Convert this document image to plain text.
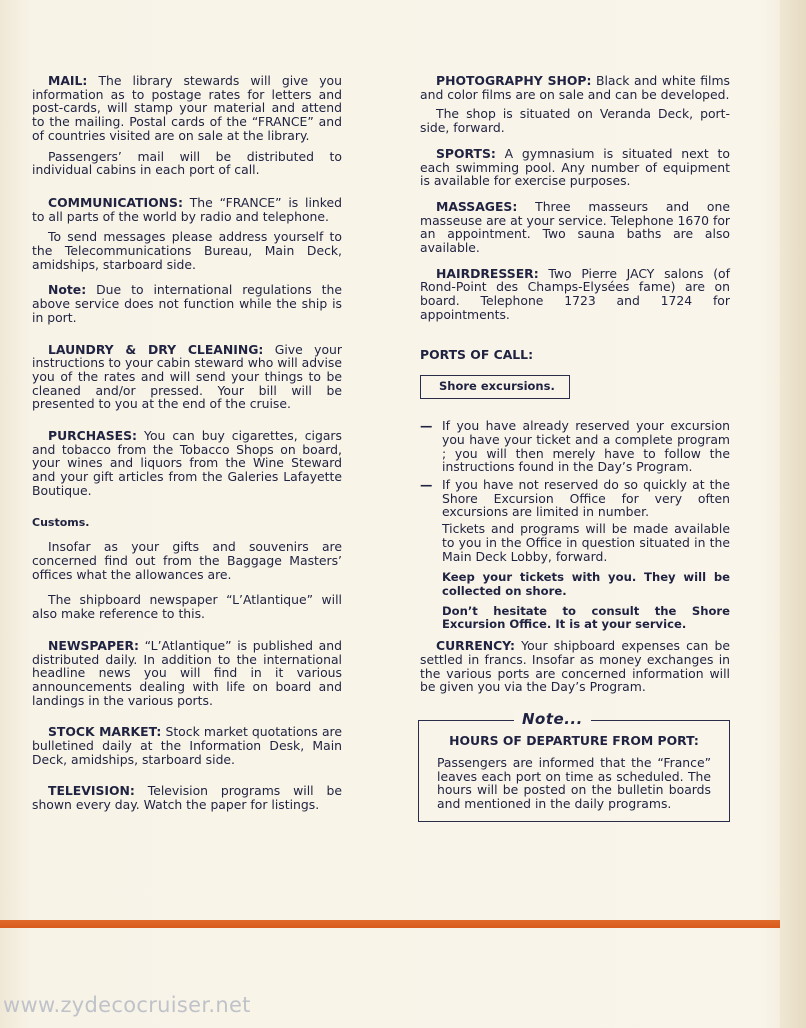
MAIL: The library stewards will give you information as to postage rates for letters and post-cards, will stamp your material and attend to the mailing. Postal cards of the “FRANCE” and of countries visited are on sale at the library.

Passengers’ mail will be distributed to individual cabins in each port of call.

COMMUNICATIONS: The “FRANCE” is linked to all parts of the world by radio and telephone.

To send messages please address yourself to the Telecommunications Bureau, Main Deck, amidships, starboard side.

Note: Due to international regulations the above service does not function while the ship is in port.

LAUNDRY & DRY CLEANING: Give your instructions to your cabin steward who will advise you of the rates and will send your things to be cleaned and/or pressed. Your bill will be presented to you at the end of the cruise.

PURCHASES: You can buy cigarettes, cigars and tobacco from the Tobacco Shops on board, your wines and liquors from the Wine Steward and your gift articles from the Galeries Lafayette Boutique.

Customs.

Insofar as your gifts and souvenirs are concerned find out from the Baggage Masters’ offices what the allowances are.

The shipboard newspaper “L’Atlantique” will also make reference to this.

NEWSPAPER: “L’Atlantique” is published and distributed daily. In addition to the international headline news you will find in it various announcements dealing with life on board and landings in the various ports.

STOCK MARKET: Stock market quotations are bulletined daily at the Information Desk, Main Deck, amidships, starboard side.

TELEVISION: Television programs will be shown every day. Watch the paper for listings.

PHOTOGRAPHY SHOP: Black and white films and color films are on sale and can be developed.

The shop is situated on Veranda Deck, port-side, forward.

SPORTS: A gymnasium is situated next to each swimming pool. Any number of equipment is available for exercise purposes.

MASSAGES: Three masseurs and one masseuse are at your service. Telephone 1670 for an appointment. Two sauna baths are also available.

HAIRDRESSER: Two Pierre JACY salons (of Rond-Point des Champs-Elysées fame) are on board. Telephone 1723 and 1724 for appointments.

PORTS OF CALL:

Shore excursions.
— If you have already reserved your excursion you have your ticket and a complete program ; you will then merely have to follow the instructions found in the Day’s Program.

— If you have not reserved do so quickly at the Shore Excursion Office for very often excursions are limited in number.

Tickets and programs will be made available to you in the Office in question situated in the Main Deck Lobby, forward.

Keep your tickets with you. They will be collected on shore.

Don’t hesitate to consult the Shore Excursion Office. It is at your service.

CURRENCY: Your shipboard expenses can be settled in francs. Insofar as money exchanges in the various ports are concerned information will be given you via the Day’s Program.

Note...

HOURS OF DEPARTURE FROM PORT:

Passengers are informed that the “France” leaves each port on time as scheduled. The hours will be posted on the bulletin boards and mentioned in the daily programs.

www.zydecocruiser.net
